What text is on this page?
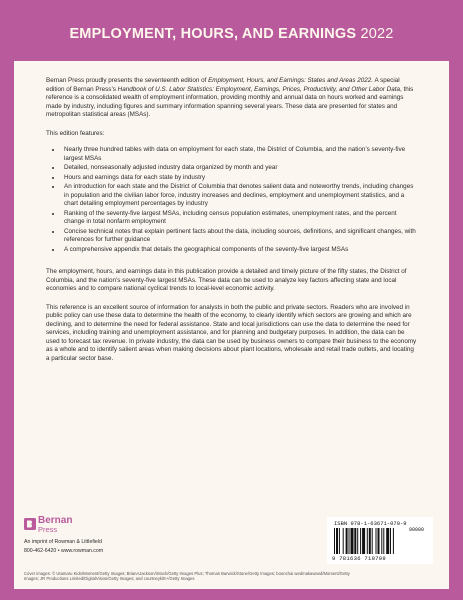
EMPLOYMENT, HOURS, AND EARNINGS 2022

Bernan Press proudly presents the seventeenth edition of Employment, Hours, and Earnings: States and Areas 2022. A special edition of Bernan Press’s Handbook of U.S. Labor Statistics: Employment, Earnings, Prices, Productivity, and Other Labor Data, this reference is a consolidated wealth of employment information, providing monthly and annual data on hours worked and earnings made by industry, including figures and summary information spanning several years. These data are presented for states and metropolitan statistical areas (MSAs).

This edition features:

• Nearly three hundred tables with data on employment for each state, the District of Columbia, and the nation’s seventy-five largest MSAs
• Detailed, nonseasonally adjusted industry data organized by month and year
• Hours and earnings data for each state by industry
• An introduction for each state and the District of Columbia that denotes salient data and noteworthy trends, including changes in population and the civilian labor force, industry increases and declines, employment and unemployment statistics, and a chart detailing employment percentages by industry
• Ranking of the seventy-five largest MSAs, including census population estimates, unemployment rates, and the percent change in total nonfarm employment
• Concise technical notes that explain pertinent facts about the data, including sources, definitions, and significant changes, with references for further guidance
• A comprehensive appendix that details the geographical components of the seventy-five largest MSAs

The employment, hours, and earnings data in this publication provide a detailed and timely picture of the fifty states, the District of Columbia, and the nation’s seventy-five largest MSAs. These data can be used to analyze key factors affecting state and local economies and to compare national cyclical trends to local-level economic activity.

This reference is an excellent source of information for analysts in both the public and private sectors. Readers who are involved in public policy can use these data to determine the health of the economy, to clearly identify which sectors are growing and which are declining, and to determine the need for federal assistance. State and local jurisdictions can use the data to determine the need for services, including training and unemployment assistance, and for planning and budgetary purposes. In addition, the data can be used to forecast tax revenue. In private industry, the data can be used by business owners to compare their business to the economy as a whole and to identify salient areas when making decisions about plant locations, wholesale and retail trade outlets, and locating a particular sector base.

Bernan
Press
An imprint of Rowman & Littlefield
800-462-6420 • www.rowman.com
Cover images: © Utamaru Kido/Moment/Getty Images; BrianAJackson/iStock/Getty Images Plus; Thomas Barwick/Stone/Getty Images; boonchai wedmakawand/Moment/Getty Images; JR Productions Limited/DigitalVision/Getty Images; and courtneyk/E+/Getty Images
ISBN 978-1-63671-070-9
90000
9 781636 710709
